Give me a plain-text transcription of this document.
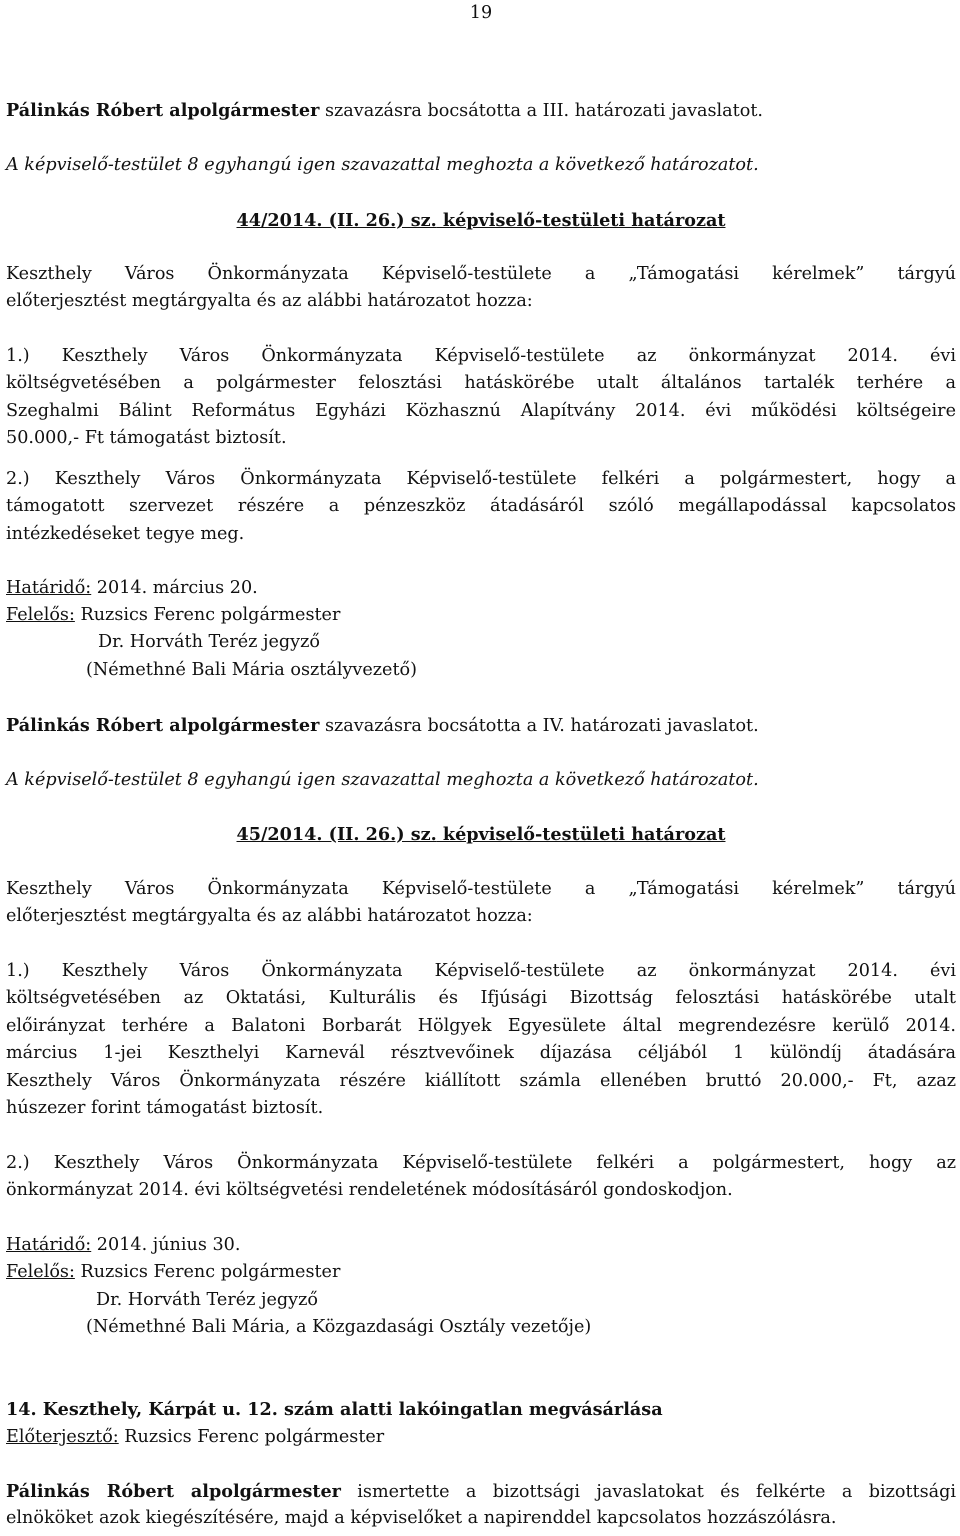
19
Pálinkás Róbert alpolgármester szavazásra bocsátotta a III. határozati javaslatot.
A képviselő-testület 8 egyhangú igen szavazattal meghozta a következő határozatot.
44/2014. (II. 26.) sz. képviselő-testületi határozat
Keszthely Város Önkormányzata Képviselő-testülete a „Támogatási kérelmek” tárgyú
előterjesztést megtárgyalta és az alábbi határozatot hozza:
1.) Keszthely Város Önkormányzata Képviselő-testülete az önkormányzat 2014. évi
költségvetésében a polgármester felosztási hatáskörébe utalt általános tartalék terhére a
Szeghalmi Bálint Református Egyházi Közhasznú Alapítvány 2014. évi működési költségeire
50.000,- Ft támogatást biztosít.
2.) Keszthely Város Önkormányzata Képviselő-testülete felkéri a polgármestert, hogy a
támogatott szervezet részére a pénzeszköz átadásáról szóló megállapodással kapcsolatos
intézkedéseket tegye meg.
Határidő: 2014. március 20.
Felelős: Ruzsics Ferenc polgármester
Dr. Horváth Teréz jegyző
(Némethné Bali Mária osztályvezető)
Pálinkás Róbert alpolgármester szavazásra bocsátotta a IV. határozati javaslatot.
A képviselő-testület 8 egyhangú igen szavazattal meghozta a következő határozatot.
45/2014. (II. 26.) sz. képviselő-testületi határozat
Keszthely Város Önkormányzata Képviselő-testülete a „Támogatási kérelmek” tárgyú
előterjesztést megtárgyalta és az alábbi határozatot hozza:
1.) Keszthely Város Önkormányzata Képviselő-testülete az önkormányzat 2014. évi
költségvetésében az Oktatási, Kulturális és Ifjúsági Bizottság felosztási hatáskörébe utalt
előirányzat terhére a Balatoni Borbarát Hölgyek Egyesülete által megrendezésre kerülő 2014.
március 1-jei Keszthelyi Karnevál résztvevőinek díjazása céljából 1 különdíj átadására
Keszthely Város Önkormányzata részére kiállított számla ellenében bruttó 20.000,- Ft, azaz
húszezer forint támogatást biztosít.
2.) Keszthely Város Önkormányzata Képviselő-testülete felkéri a polgármestert, hogy az
önkormányzat 2014. évi költségvetési rendeletének módosításáról gondoskodjon.
Határidő: 2014. június 30.
Felelős: Ruzsics Ferenc polgármester
Dr. Horváth Teréz jegyző
(Némethné Bali Mária, a Közgazdasági Osztály vezetője)
14. Keszthely, Kárpát u. 12. szám alatti lakóingatlan megvásárlása
Előterjesztő: Ruzsics Ferenc polgármester
Pálinkás Róbert alpolgármester ismertette a bizottsági javaslatokat és felkérte a bizottsági
elnököket azok kiegészítésére, majd a képviselőket a napirenddel kapcsolatos hozzászólásra.
